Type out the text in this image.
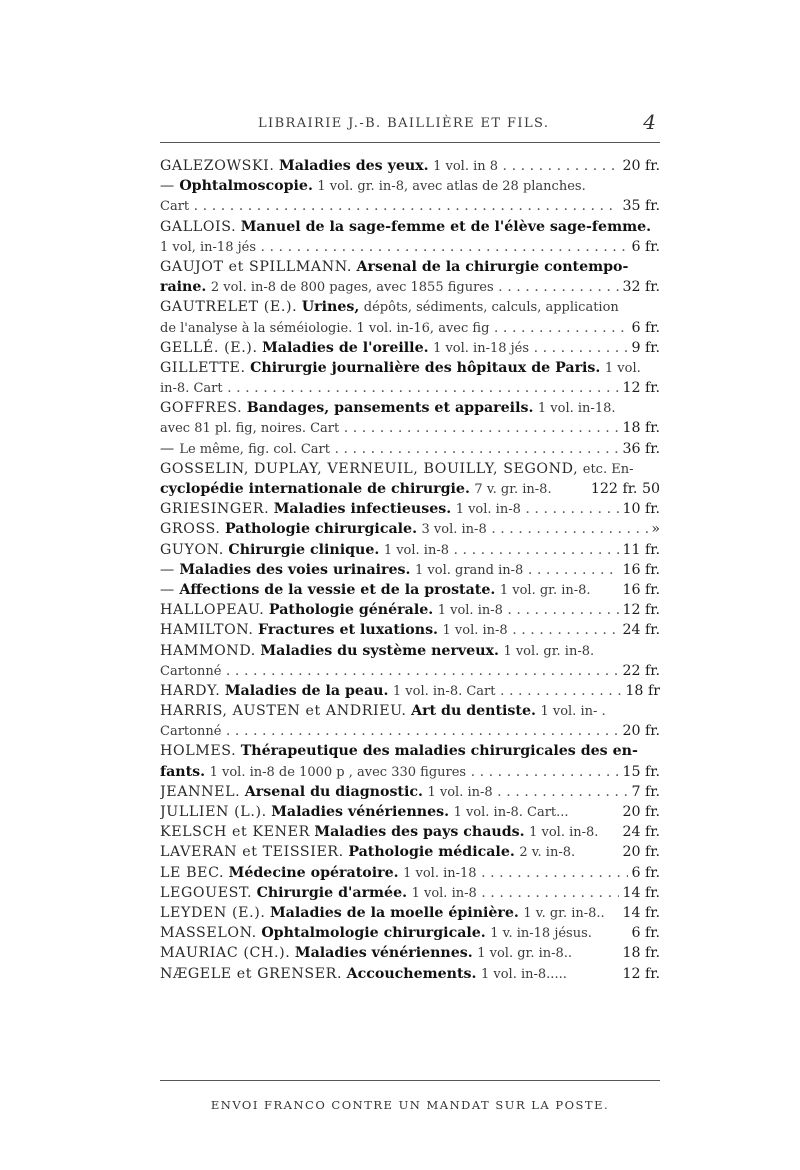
LIBRAIRIE J.-B. BAILLIÈRE ET FILS.	4
GALEZOWSKI. Maladies des yeux. 1 vol. in 8 . . .	20 fr.
— Ophtalmoscopie. 1 vol. gr. in-8, avec atlas de 28 planches.
Cart . . .	35 fr.
GALLOIS. Manuel de la sage-femme et de l'élève sage-femme.
1 vol, in-18 jés . . .	6 fr.
GAUJOT et SPILLMANN. Arsenal de la chirurgie contempo-
raine. 2 vol. in-8 de 800 pages, avec 1855 figures . . .	32 fr.
GAUTRELET (E.). Urines, dépôts, sédiments, calculs, application
de l'analyse à la séméiologie. 1 vol. in-16, avec fig . . .	6 fr.
GELLÉ. (E.). Maladies de l'oreille. 1 vol. in-18 jés . . .	9 fr.
GILLETTE. Chirurgie journalière des hôpitaux de Paris. 1 vol.
in-8. Cart . . .	12 fr.
GOFFRES. Bandages, pansements et appareils. 1 vol. in-18.
avec 81 pl. fig, noires. Cart . . .	18 fr.
— Le même, fig. col. Cart . . .	36 fr.
GOSSELIN, DUPLAY, VERNEUIL, BOUILLY, SEGOND, etc. En-
cyclopédie internationale de chirurgie. 7 v. gr. in-8.	122 fr. 50
GRIESINGER. Maladies infectieuses. 1 vol. in-8 . . .	10 fr.
GROSS. Pathologie chirurgicale. 3 vol. in-8 . . .	»
GUYON. Chirurgie clinique. 1 vol. in-8 . . .	11 fr.
— Maladies des voies urinaires. 1 vol. grand in-8 . . .	16 fr.
— Affections de la vessie et de la prostate. 1 vol. gr. in-8. 16 fr.
HALLOPEAU. Pathologie générale. 1 vol. in-8 . . .	12 fr.
HAMILTON. Fractures et luxations. 1 vol. in-8 . . .	24 fr.
HAMMOND. Maladies du système nerveux. 1 vol. gr. in-8.
Cartonné . . .	22 fr.
HARDY. Maladies de la peau. 1 vol. in-8. Cart . . .	18 fr
HARRIS, AUSTEN et ANDRIEU. Art du dentiste. 1 vol. in- .
Cartonné . . .	20 fr.
HOLMES. Thérapeutique des maladies chirurgicales des en-
fants. 1 vol. in-8 de 1000 p , avec 330 figures . . .	15 fr.
JEANNEL. Arsenal du diagnostic. 1 vol. in-8 . . .	7 fr.
JULLIEN (L.). Maladies vénériennes. 1 vol. in-8. Cart...	20 fr.
KELSCH et KENER Maladies des pays chauds. 1 vol. in-8. 24 fr.
LAVERAN et TEISSIER. Pathologie médicale. 2 v. in-8.	20 fr.
LE BEC. Médecine opératoire. 1 vol. in-18 . . .	6 fr.
LEGOUEST. Chirurgie d'armée. 1 vol. in-8 . . .	14 fr.
LEYDEN (E.). Maladies de la moelle épinière. 1 v. gr. in-8.. 14 fr.
MASSELON. Ophtalmologie chirurgicale. 1 v. in-18 jésus.	6 fr.
MAURIAC (CH.). Maladies vénériennes. 1 vol. gr. in-8..	18 fr.
NÆGELE et GRENSER. Accouchements. 1 vol. in-8.....	12 fr.
ENVOI FRANCO CONTRE UN MANDAT SUR LA POSTE.
